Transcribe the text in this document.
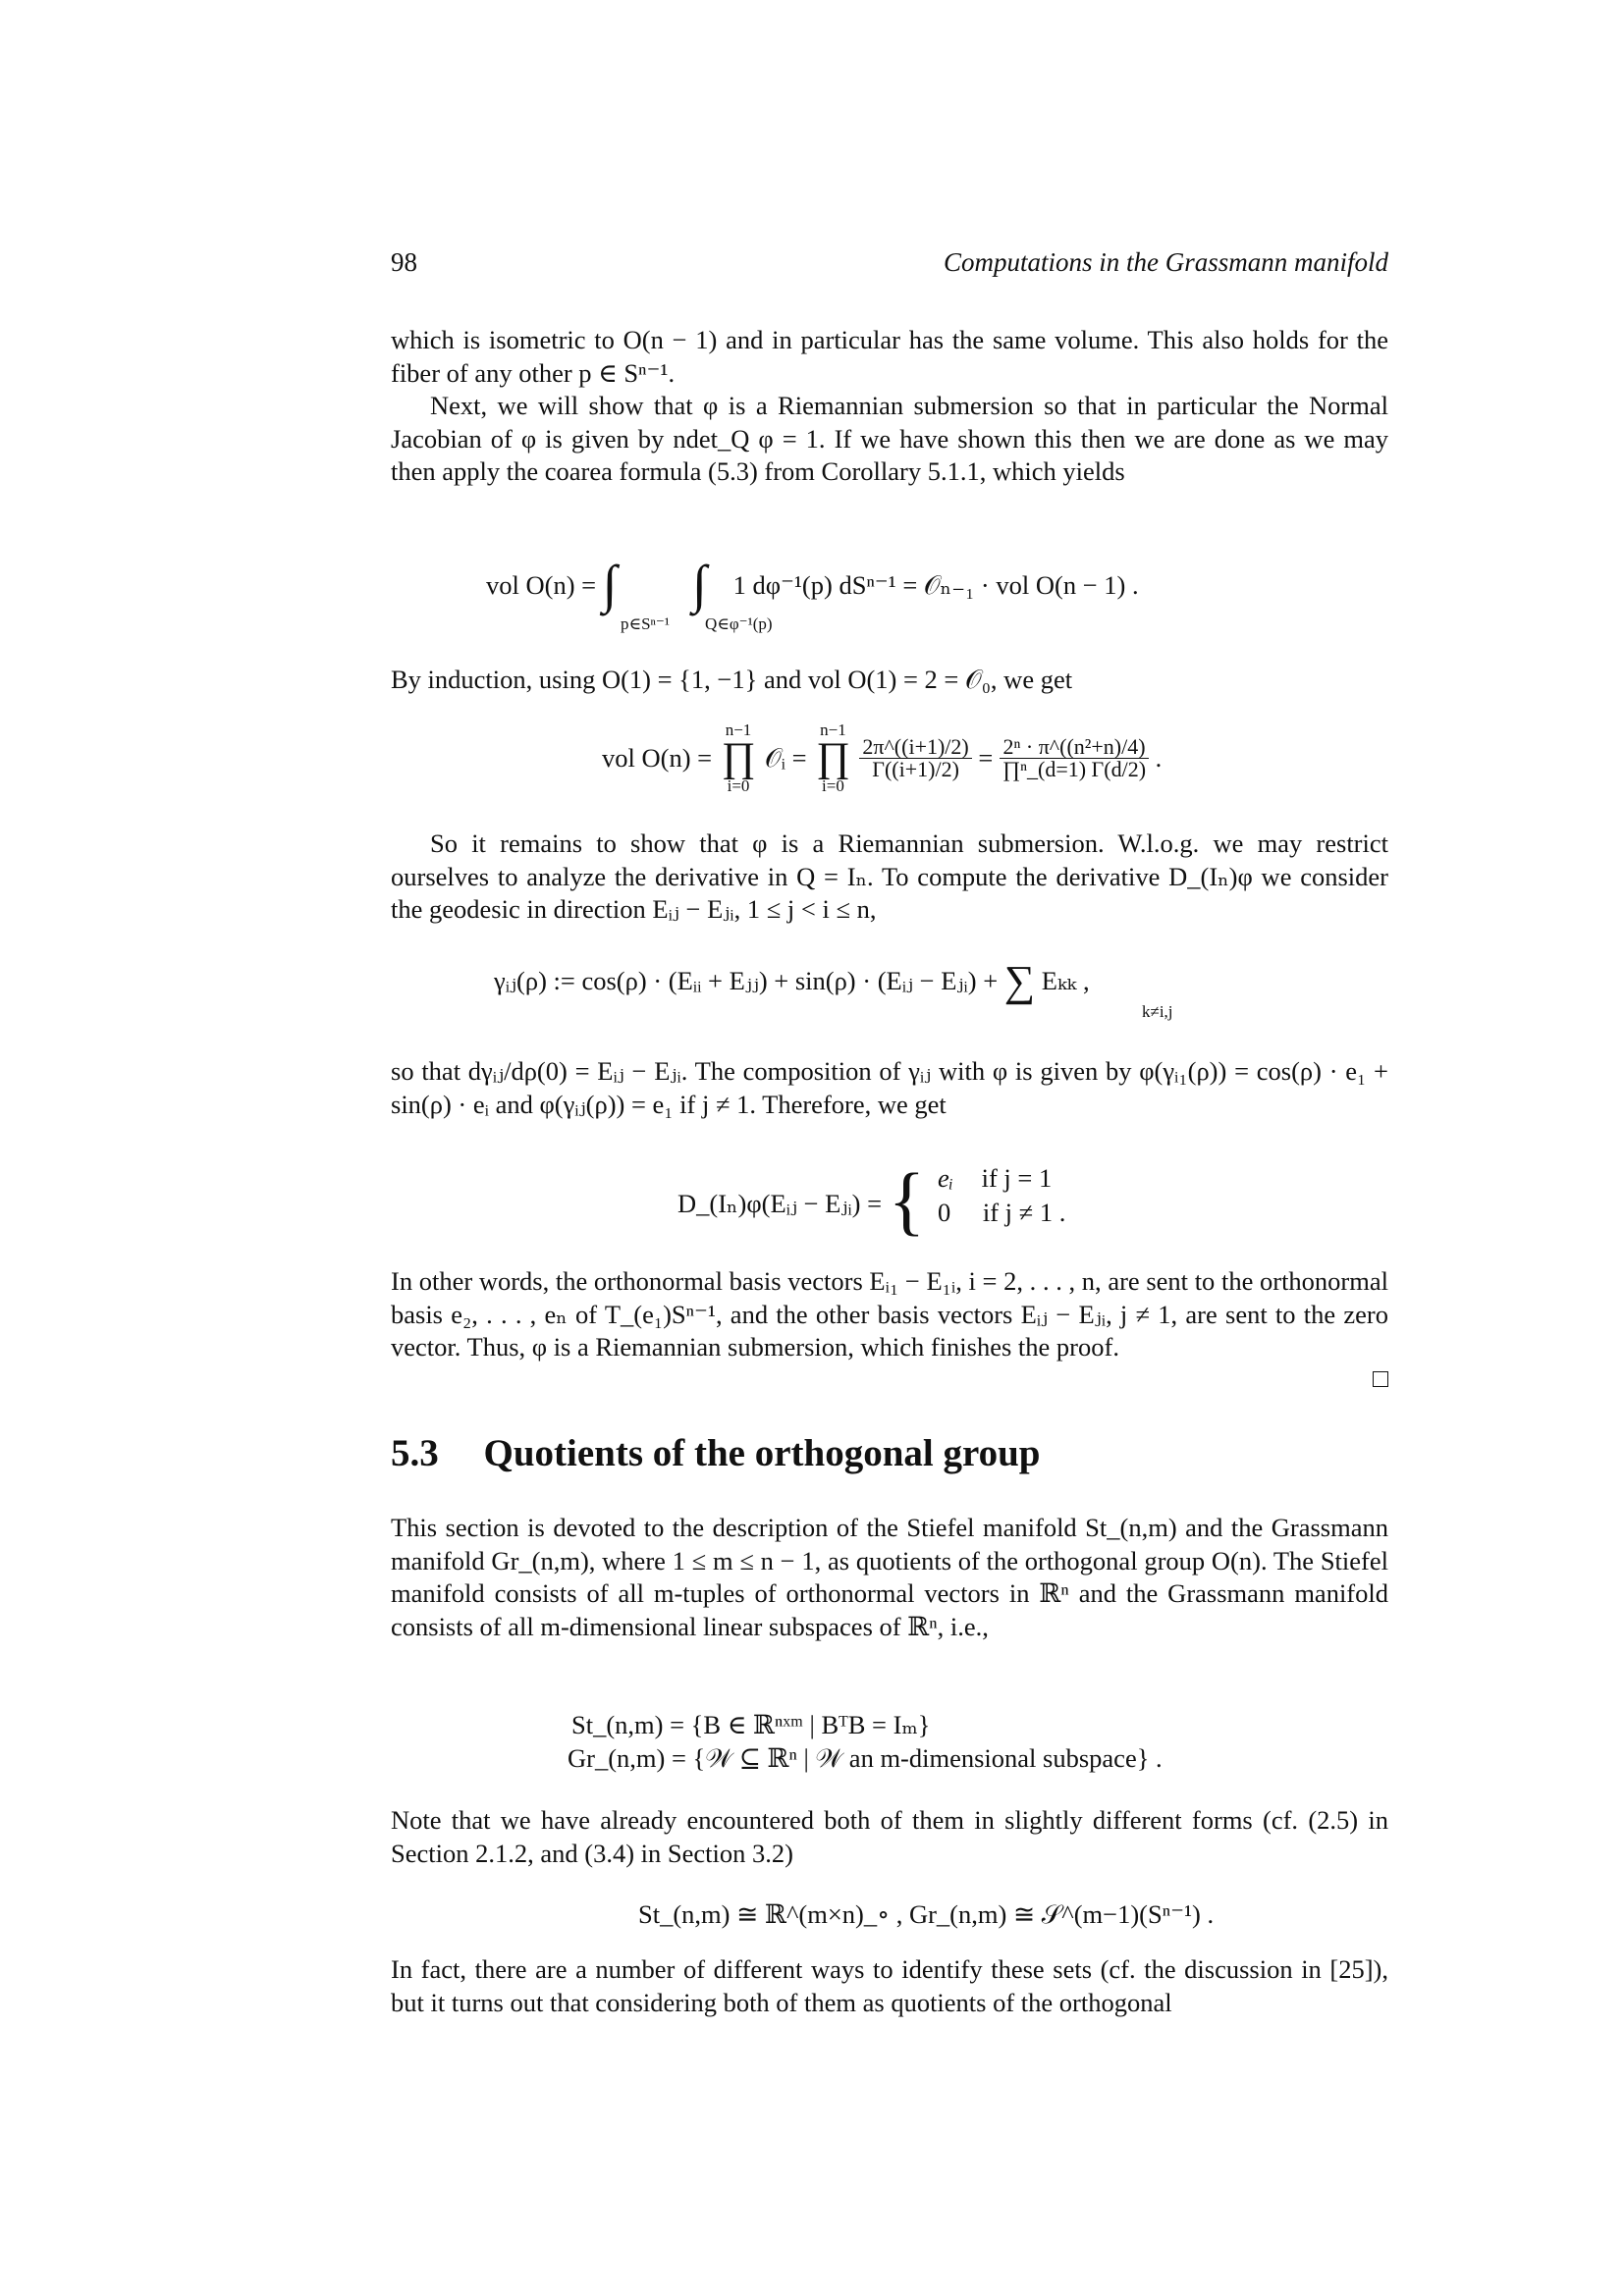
98	Computations in the Grassmann manifold

which is isometric to O(n − 1) and in particular has the same volume. This also holds for the fiber of any other p ∈ Sⁿ⁻¹.

Next, we will show that φ is a Riemannian submersion so that in particular the Normal Jacobian of φ is given by ndet_Q φ = 1. If we have shown this then we are done as we may then apply the coarea formula (5.3) from Corollary 5.1.1, which yields

vol O(n) = ∫ ∫ 1 dφ⁻¹(p) dSⁿ⁻¹ = 𝒪ₙ₋₁ · vol O(n − 1) .
p∈Sⁿ⁻¹ Q∈φ⁻¹(p)

By induction, using O(1) = {1, −1} and vol O(1) = 2 = 𝒪₀, we get

vol O(n) =
n−1
∏
i=0
𝒪ᵢ =
n−1
∏
i=0

$\frac{2\pi\^{}((i+1)/2)}{\Gamma((i+1)/2)} = \frac{\text{2ⁿ · π\textasciicircum{}((n²+n)/4)}}{\text{∏ⁿ\_(d=1) Γ(d/2)}}$ .

So it remains to show that φ is a Riemannian submersion. W.l.o.g. we may restrict ourselves to analyze the derivative in Q = Iₙ. To compute the derivative D_(Iₙ)φ we consider the geodesic in direction Eᵢⱼ − Eⱼᵢ, 1 ≤ j < i ≤ n,

γᵢⱼ(ρ) := cos(ρ) · (Eᵢᵢ + Eⱼⱼ) + sin(ρ) · (Eᵢⱼ − Eⱼᵢ) + ∑ Eₖₖ ,
k≠i,j

so that dγᵢⱼ/dρ(0) = Eᵢⱼ − Eⱼᵢ. The composition of γᵢⱼ with φ is given by φ(γᵢ₁(ρ)) = cos(ρ) · e₁ + sin(ρ) · eᵢ and φ(γᵢⱼ(ρ)) = e₁ if j ≠ 1. Therefore, we get

D_(Iₙ)φ(Eᵢⱼ − Eⱼᵢ) = { eᵢ if j = 1
0 if j ≠ 1 .

In other words, the orthonormal basis vectors Eᵢ₁ − E₁ᵢ, i = 2, . . . , n, are sent to the orthonormal basis e₂, . . . , eₙ of T_(e₁)Sⁿ⁻¹, and the other basis vectors Eᵢⱼ − Eⱼᵢ, j ≠ 1, are sent to the zero vector. Thus, φ is a Riemannian submersion, which finishes the proof.

5.3 Quotients of the orthogonal group

This section is devoted to the description of the Stiefel manifold St_(n,m) and the Grassmann manifold Gr_(n,m), where 1 ≤ m ≤ n − 1, as quotients of the orthogonal group O(n). The Stiefel manifold consists of all m-tuples of orthonormal vectors in ℝⁿ and the Grassmann manifold consists of all m-dimensional linear subspaces of ℝⁿ, i.e.,

St_(n,m) = {B ∈ ℝⁿˣᵐ | BᵀB = Iₘ}
Gr_(n,m) = {𝒲 ⊆ ℝⁿ | 𝒲 an m-dimensional subspace} .

Note that we have already encountered both of them in slightly different forms (cf. (2.5) in Section 2.1.2, and (3.4) in Section 3.2)

St_(n,m) ≅ ℝ^(m×n)_∘ , Gr_(n,m) ≅ 𝒮^(m−1)(Sⁿ⁻¹) .

In fact, there are a number of different ways to identify these sets (cf. the discussion in [25]), but it turns out that considering both of them as quotients of the orthogonal
